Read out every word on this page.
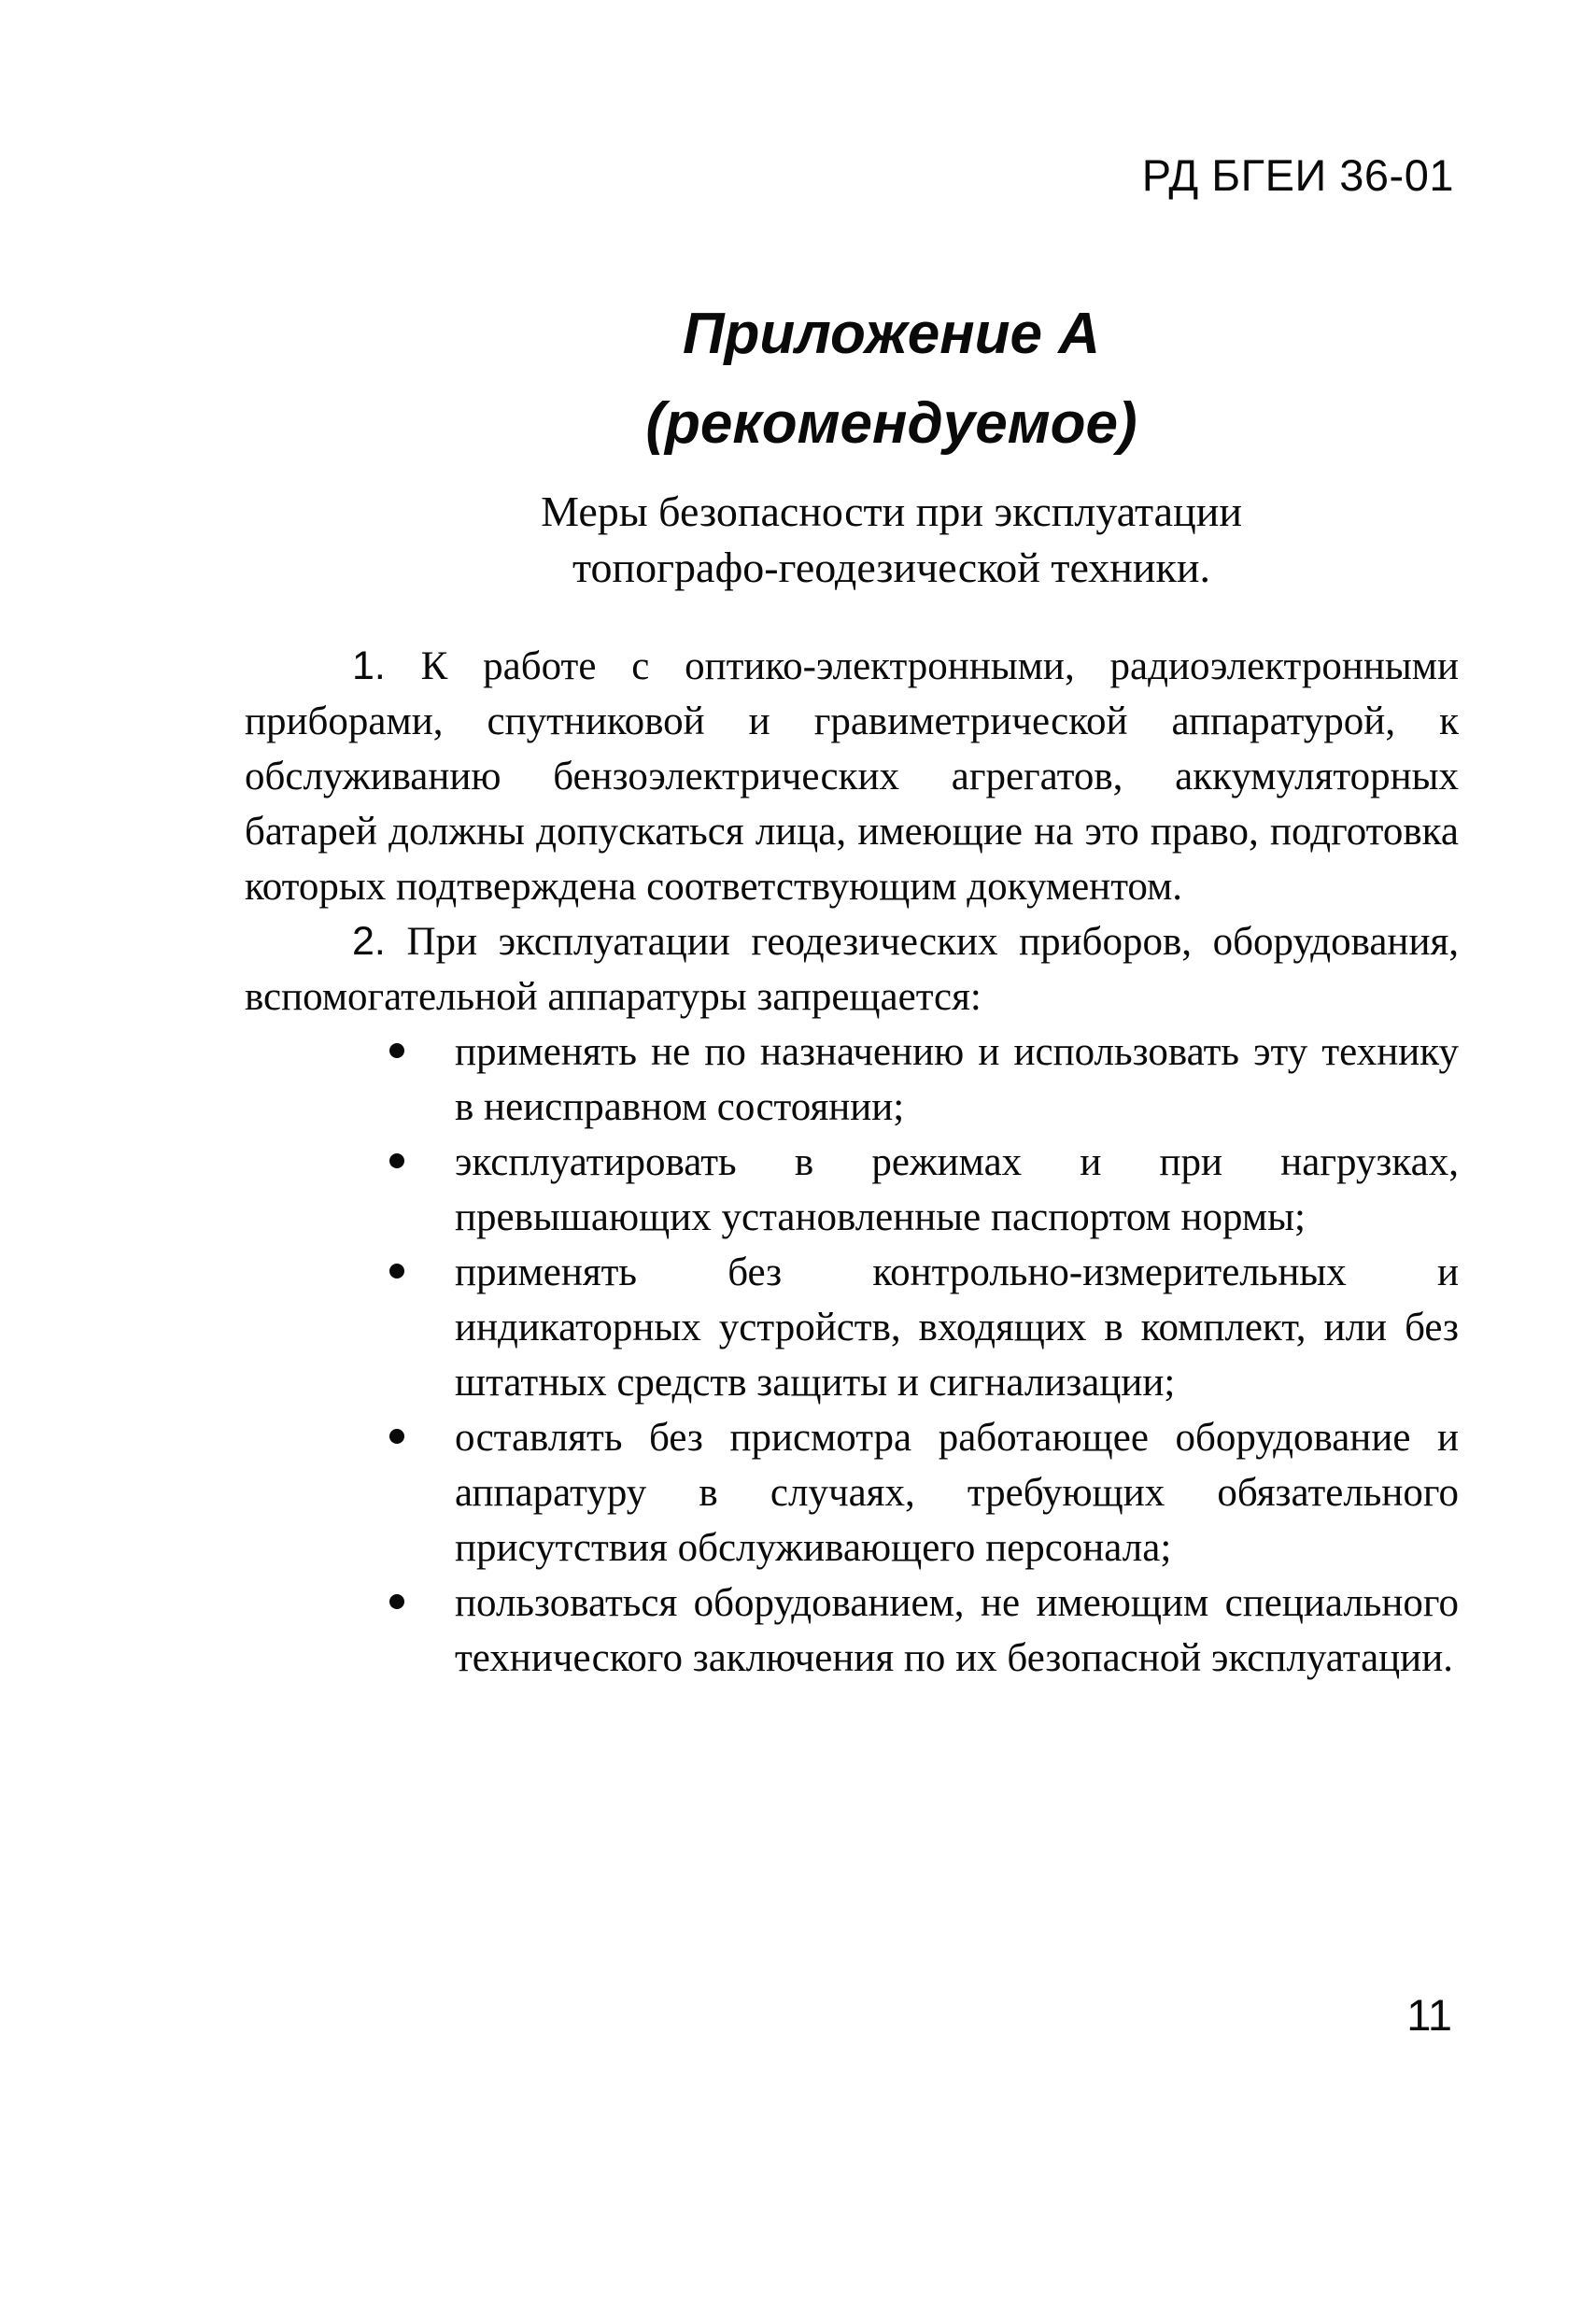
РД БГЕИ 36-01
Приложение А
(рекомендуемое)
Меры безопасности при эксплуатации
топографо-геодезической техники.

1. К работе с оптико-электронными, радиоэлектронными приборами, спутниковой и гравиметрической аппаратурой, к обслуживанию бензоэлектрических агрегатов, аккумуляторных батарей должны допускаться лица, имеющие на это право, подготовка которых подтверждена соответствующим документом.

2. При эксплуатации геодезических приборов, оборудования, вспомогательной аппаратуры запрещается:

применять не по назначению и использовать эту технику в неисправном состоянии;
эксплуатировать в режимах и при нагрузках, превышающих установленные паспортом нормы;
применять без контрольно-измерительных и индикаторных устройств, входящих в комплект, или без штатных средств защиты и сигнализации;
оставлять без присмотра работающее оборудование и аппаратуру в случаях, требующих обязательного присутствия обслуживающего персонала;
пользоваться оборудованием, не имеющим специального технического заключения по их безопасной эксплуатации.
11
